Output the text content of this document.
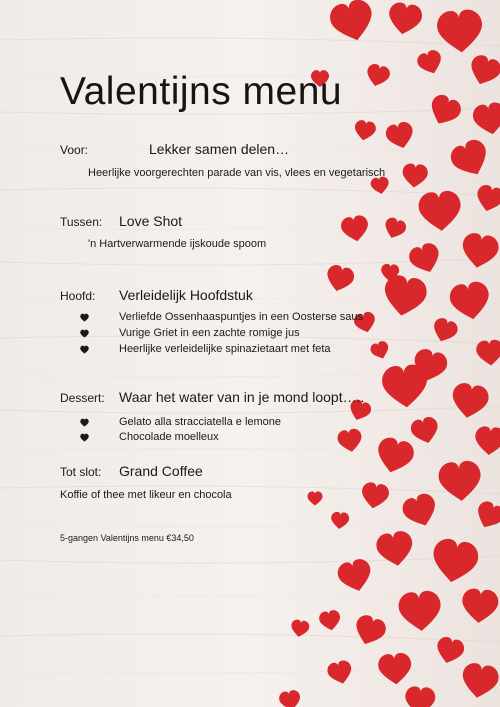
Valentijns menu
Voor:	Lekker samen delen…
Heerlijke voorgerechten parade van vis, vlees en vegetarisch
Tussen: Love Shot
'n Hartverwarmende ijskoude spoom
Hoofd: Verleidelijk Hoofdstuk
Verliefde Ossenhaaspuntjes in een Oosterse saus
Vurige Griet in een zachte romige jus
Heerlijke verleidelijke spinazietaart met feta
Dessert: Waar het water van in je mond loopt…..
Gelato alla stracciatella e lemone
Chocolade moelleux
Tot slot: Grand Coffee
Koffie of thee met likeur en chocola
5-gangen Valentijns menu €34,50
